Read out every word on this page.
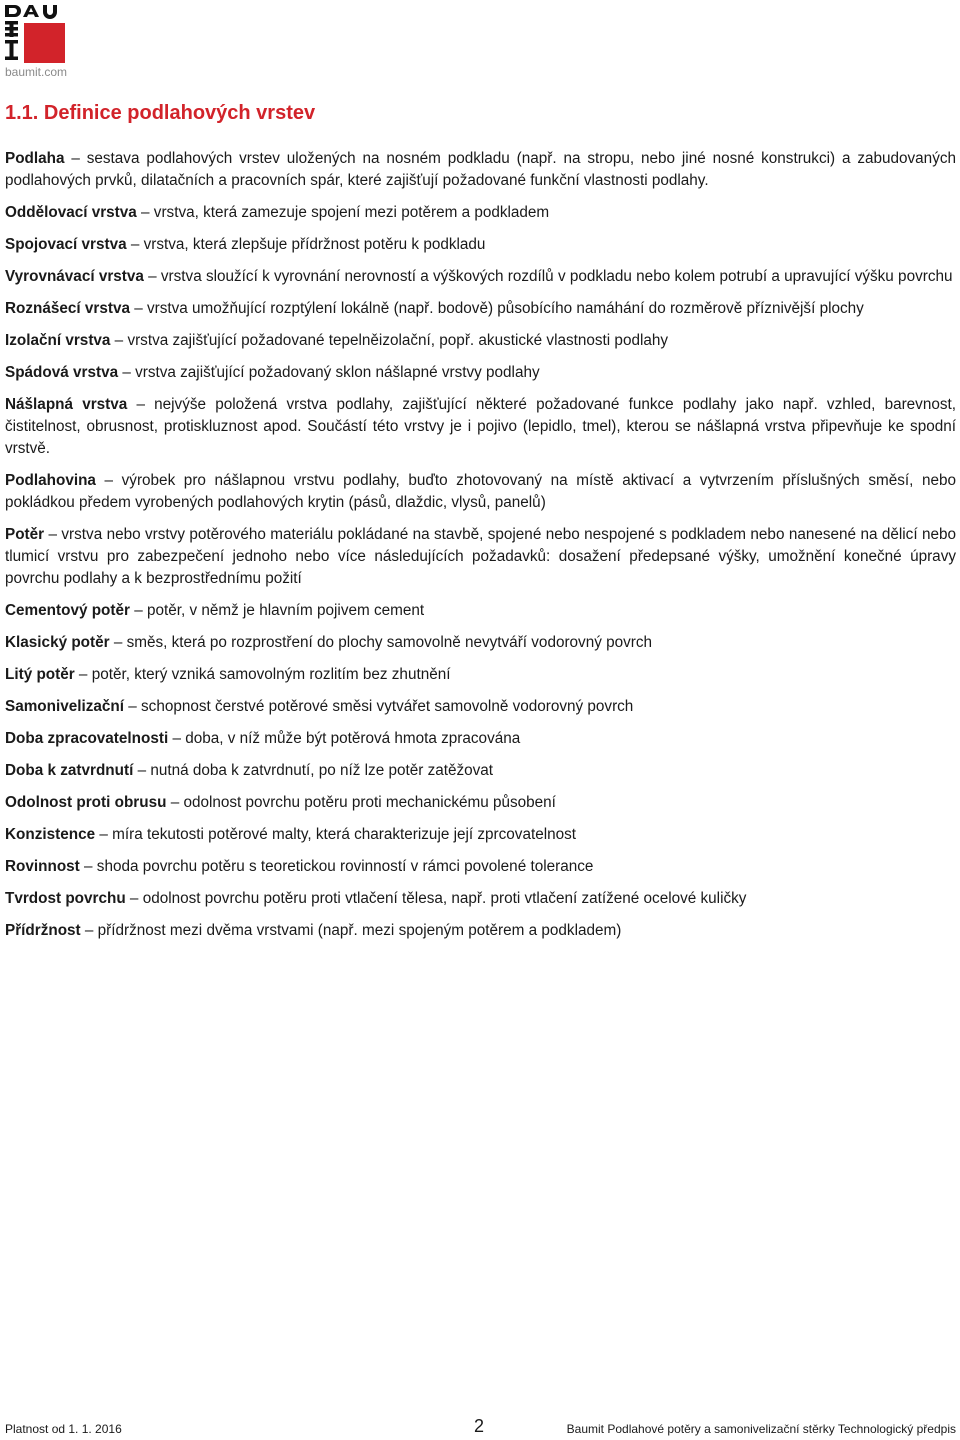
baumit.com
1.1. Definice podlahových vrstev

Podlaha – sestava podlahových vrstev uložených na nosném podkladu (např. na stropu, nebo jiné nosné konstrukci) a zabudovaných podlahových prvků, dilatačních a pracovních spár, které zajišťují požadované funkční vlastnosti podlahy.

Oddělovací vrstva – vrstva, která zamezuje spojení mezi potěrem a podkladem

Spojovací vrstva – vrstva, která zlepšuje přídržnost potěru k podkladu

Vyrovnávací vrstva – vrstva sloužící k vyrovnání nerovností a výškových rozdílů v podkladu nebo kolem potrubí a upravující výšku povrchu

Roznášecí vrstva – vrstva umožňující rozptýlení lokálně (např. bodově) působícího namáhání do rozměrově příznivější plochy

Izolační vrstva – vrstva zajišťující požadované tepelněizolační, popř. akustické vlastnosti podlahy

Spádová vrstva – vrstva zajišťující požadovaný sklon nášlapné vrstvy podlahy

Nášlapná vrstva – nejvýše položená vrstva podlahy, zajišťující některé požadované funkce podlahy jako např. vzhled, barevnost, čistitelnost, obrusnost, protiskluznost apod. Součástí této vrstvy je i pojivo (lepidlo, tmel), kterou se nášlapná vrstva připevňuje ke spodní vrstvě.

Podlahovina – výrobek pro nášlapnou vrstvu podlahy, buďto zhotovovaný na místě aktivací a vytvrzením příslušných směsí, nebo pokládkou předem vyrobených podlahových krytin (pásů, dlaždic, vlysů, panelů)

Potěr – vrstva nebo vrstvy potěrového materiálu pokládané na stavbě, spojené nebo nespojené s podkladem nebo nanesené na dělicí nebo tlumicí vrstvu pro zabezpečení jednoho nebo více následujících požadavků: dosažení předepsané výšky, umožnění konečné úpravy povrchu podlahy a k bezprostřednímu požití

Cementový potěr – potěr, v němž je hlavním pojivem cement

Klasický potěr – směs, která po rozprostření do plochy samovolně nevytváří vodorovný povrch

Litý potěr – potěr, který vzniká samovolným rozlitím bez zhutnění

Samonivelizační – schopnost čerstvé potěrové směsi vytvářet samovolně vodorovný povrch

Doba zpracovatelnosti – doba, v níž může být potěrová hmota zpracována

Doba k zatvrdnutí – nutná doba k zatvrdnutí, po níž lze potěr zatěžovat

Odolnost proti obrusu – odolnost povrchu potěru proti mechanickému působení

Konzistence – míra tekutosti potěrové malty, která charakterizuje její zprcovatelnost

Rovinnost – shoda povrchu potěru s teoretickou rovinností v rámci povolené tolerance

Tvrdost povrchu – odolnost povrchu potěru proti vtlačení tělesa, např. proti vtlačení zatížené ocelové kuličky

Přídržnost – přídržnost mezi dvěma vrstvami (např. mezi spojeným potěrem a podkladem)

Platnost od 1. 1. 2016	2	Baumit Podlahové potěry a samonivelizační stěrky Technologický předpis
